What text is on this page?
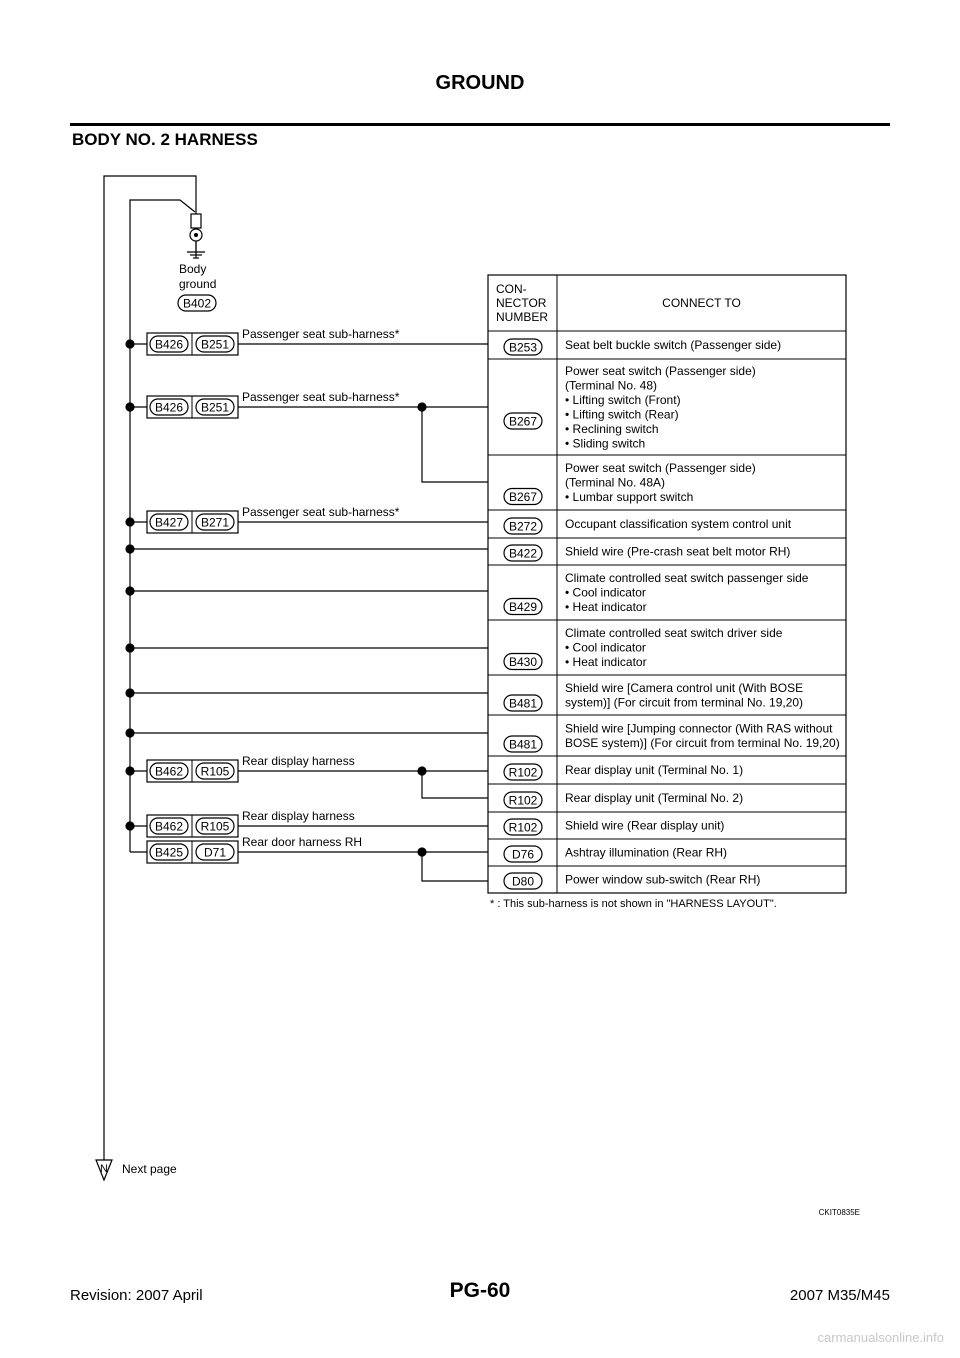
GROUND
BODY NO. 2 HARNESS
Body
ground
B402
B426 B251
Passenger seat sub-harness*
B426 B251
Passenger seat sub-harness*
B427 B271
Passenger seat sub-harness*
B462 R105
Rear display harness
B462 R105
Rear display harness
B425 D71
Rear door harness RH
CON-
NECTOR
NUMBER
CONNECT TO
Seat belt buckle switch (Passenger side)
B253
Power seat switch (Passenger side)
(Terminal No. 48)
• Lifting switch (Front)
• Lifting switch (Rear)
• Reclining switch
• Sliding switch
B267
Power seat switch (Passenger side)
(Terminal No. 48A)
• Lumbar support switch
B267
Occupant classification system control unit
B272
Shield wire (Pre-crash seat belt motor RH)
B422
Climate controlled seat switch passenger side
• Cool indicator
• Heat indicator
B429
Climate controlled seat switch driver side
• Cool indicator
• Heat indicator
B430
Shield wire [Camera control unit (With BOSE
system)] (For circuit from terminal No. 19,20)
B481
Shield wire [Jumping connector (With RAS without
BOSE system)] (For circuit from terminal No. 19,20)
B481
Rear display unit (Terminal No. 1)
R102
Rear display unit (Terminal No. 2)
R102
Shield wire (Rear display unit)
R102
Ashtray illumination (Rear RH)
D76
Power window sub-switch (Rear RH)
D80
* : This sub-harness is not shown in "HARNESS LAYOUT".
N Next page
CKIT0835E
Revision: 2007 April	PG-60	2007 M35/M45
carmanualsonline.info
